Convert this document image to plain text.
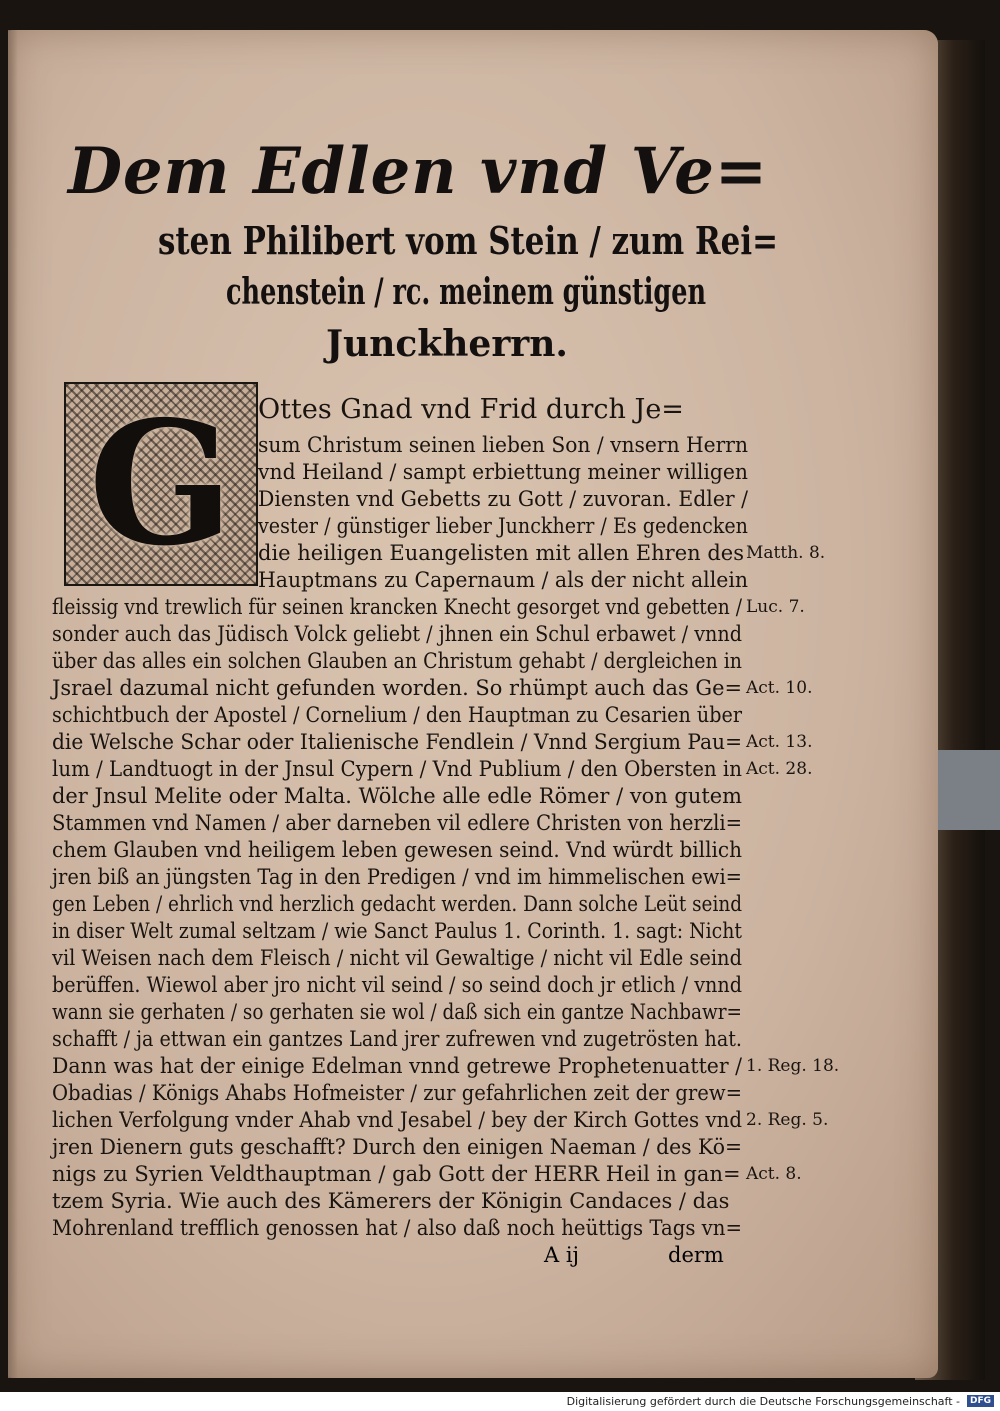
Dem Edlen vnd Ve=
sten Philibert vom Stein / zum Rei=
chenstein / rc. meinem günstigen
Junckherrn.
G Ottes Gnad vnd Frid durch Je=
sum Christum seinen lieben Son / vnsern Herrn
vnd Heiland / sampt erbiettung meiner willigen
Diensten vnd Gebetts zu Gott / zuvoran. Edler /
vester / günstiger lieber Junckherr / Es gedencken
die heiligen Euangelisten mit allen Ehren des
Hauptmans zu Capernaum / als der nicht allein
fleissig vnd trewlich für seinen krancken Knecht gesorget vnd gebetten /
sonder auch das Jüdisch Volck geliebt / jhnen ein Schul erbawet / vnnd
über das alles ein solchen Glauben an Christum gehabt / dergleichen in
Jsrael dazumal nicht gefunden worden. So rhümpt auch das Ge=
schichtbuch der Apostel / Cornelium / den Hauptman zu Cesarien über
die Welsche Schar oder Italienische Fendlein / Vnnd Sergium Pau=
lum / Landtuogt in der Jnsul Cypern / Vnd Publium / den Obersten in
der Jnsul Melite oder Malta. Wölche alle edle Römer / von gutem
Stammen vnd Namen / aber darneben vil edlere Christen von herzli=
chem Glauben vnd heiligem leben gewesen seind. Vnd würdt billich
jren biß an jüngsten Tag in den Predigen / vnd im himmelischen ewi=
gen Leben / ehrlich vnd herzlich gedacht werden. Dann solche Leüt seind
in diser Welt zumal seltzam / wie Sanct Paulus 1. Corinth. 1. sagt: Nicht
vil Weisen nach dem Fleisch / nicht vil Gewaltige / nicht vil Edle seind
berüffen. Wiewol aber jro nicht vil seind / so seind doch jr etlich / vnnd
wann sie gerhaten / so gerhaten sie wol / daß sich ein gantze Nachbawr=
schafft / ja ettwan ein gantzes Land jrer zufrewen vnd zugetrösten hat.
Dann was hat der einige Edelman vnnd getrewe Prophetenuatter /
Obadias / Königs Ahabs Hofmeister / zur gefahrlichen zeit der grew=
lichen Verfolgung vnder Ahab vnd Jesabel / bey der Kirch Gottes vnd
jren Dienern guts geschafft? Durch den einigen Naeman / des Kö=
nigs zu Syrien Veldthauptman / gab Gott der HERR Heil in gan=
tzem Syria. Wie auch des Kämerers der Königin Candaces / das
Mohrenland trefflich genossen hat / also daß noch heüttigs Tags vn=
A ij	derm
Matth. 8.
Luc. 7.
Act. 10.
Act. 13.
Act. 28.
1. Reg. 18.
2. Reg. 5.
Act. 8.
Digitalisierung gefördert durch die Deutsche Forschungsgemeinschaft -	DFG
